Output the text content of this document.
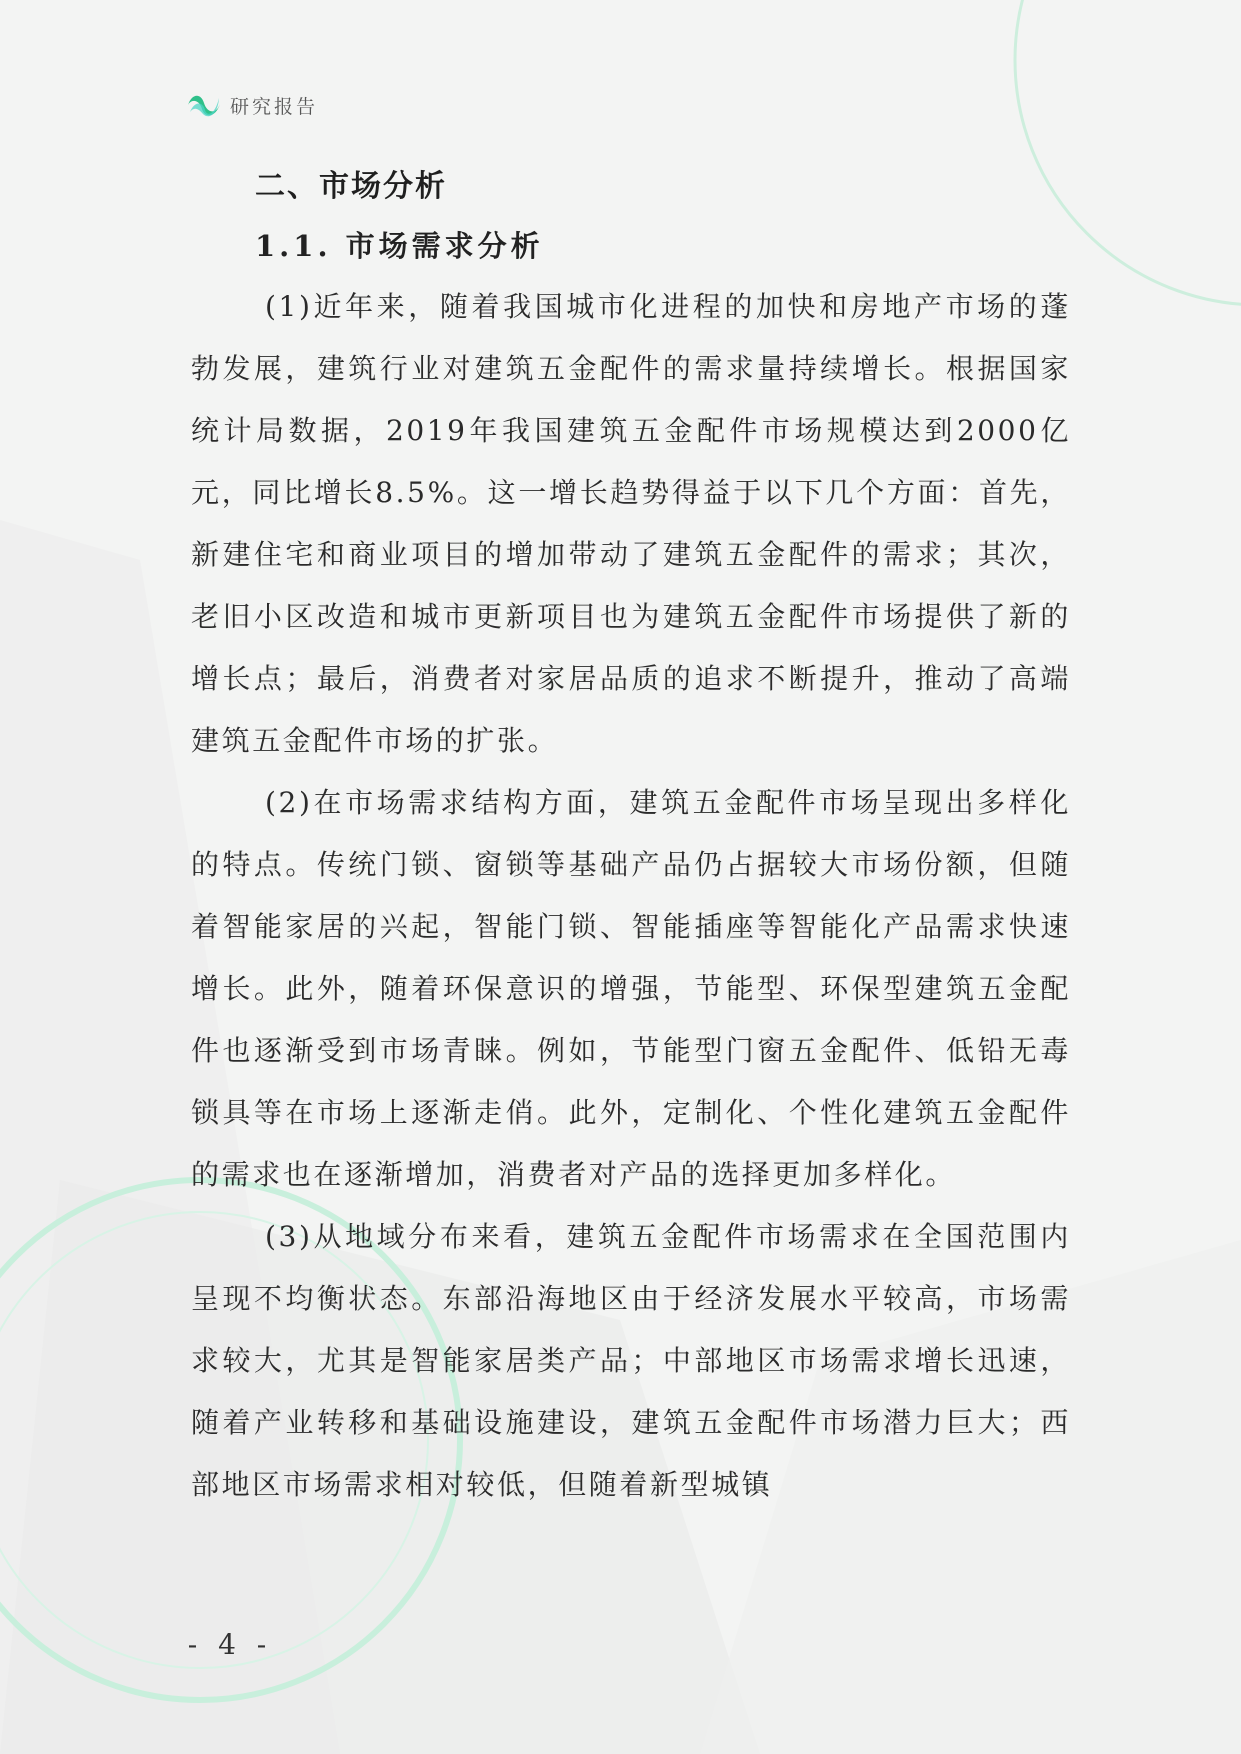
研究报告
二、市场分析
1.1. 市场需求分析

(1)近年来，随着我国城市化进程的加快和房地产市场的蓬勃发展，建筑行业对建筑五金配件的需求量持续增长。根据国家统计局数据，2019年我国建筑五金配件市场规模达到2000亿元，同比增长8.5%。这一增长趋势得益于以下几个方面：首先，新建住宅和商业项目的增加带动了建筑五金配件的需求；其次，老旧小区改造和城市更新项目也为建筑五金配件市场提供了新的增长点；最后，消费者对家居品质的追求不断提升，推动了高端建筑五金配件市场的扩张。

(2)在市场需求结构方面，建筑五金配件市场呈现出多样化的特点。传统门锁、窗锁等基础产品仍占据较大市场份额，但随着智能家居的兴起，智能门锁、智能插座等智能化产品需求快速增长。此外，随着环保意识的增强，节能型、环保型建筑五金配件也逐渐受到市场青睐。例如，节能型门窗五金配件、低铅无毒锁具等在市场上逐渐走俏。此外，定制化、个性化建筑五金配件的需求也在逐渐增加，消费者对产品的选择更加多样化。

(3)从地域分布来看，建筑五金配件市场需求在全国范围内呈现不均衡状态。东部沿海地区由于经济发展水平较高，市场需求较大，尤其是智能家居类产品；中部地区市场需求增长迅速，随着产业转移和基础设施建设，建筑五金配件市场潜力巨大；西部地区市场需求相对较低，但随着新型城镇

- 4 -
